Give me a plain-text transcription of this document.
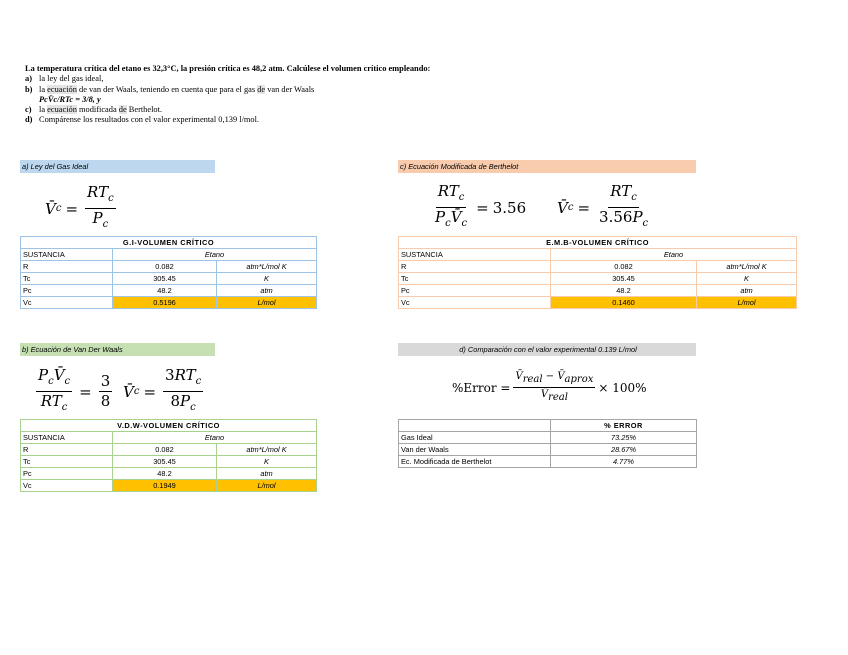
La temperatura crítica del etano es 32,3°C, la presión crítica es 48,2 atm. Calcúlese el volumen crítico empleando:

a) la ley del gas ideal,
b) la ecuación de van der Waals, teniendo en cuenta que para el gas de van der Waals
PcV̄c/RTc = 3/8, y
c) la ecuación modificada de Berthelot.
d) Compárense los resultados con el valor experimental 0,139 l/mol.
a) Ley del Gas Ideal	c) Ecuación Modificada de Berthelot
b) Ecuación de Van Der Waals	d) Comparación con el valor experimental 0.139 L/mol
V̄ $c = \frac{RT_c}{P_c}$	$\frac{RT_c}{P_cV̄_c} = 3.56$ V̄ $c = \frac{RT_c}{3.56P_c}$
$\frac{P_cV̄_c}{RT_c} = \frac{3}{8}$ V̄ $c = \frac{3RT_c}{8P_c}$	%Error = $\frac{V̄_{real} - V̄_{aprox}}{V̄_{real}} \times 100\%$
G.I-VOLUMEN CRÍTICO		
SUSTANCIA	Etano	
R	0.082	atm*L/mol K
Tc	305.45	K
Pc	48.2	atm
Vc	0.5196	L/mol
E.M.B-VOLUMEN CRÍTICO		
SUSTANCIA	Etano	
R	0.082	atm*L/mol K
Tc	305.45	K
Pc	48.2	atm
Vc	0.1460	L/mol
V.D.W-VOLUMEN CRÍTICO		
SUSTANCIA	Etano	
R	0.082	atm*L/mol K
Tc	305.45	K
Pc	48.2	atm
Vc	0.1949	L/mol
	% ERROR
Gas Ideal	73.25%
Van der Waals	28.67%
Ec. Modificada de Berthelot	4.77%
